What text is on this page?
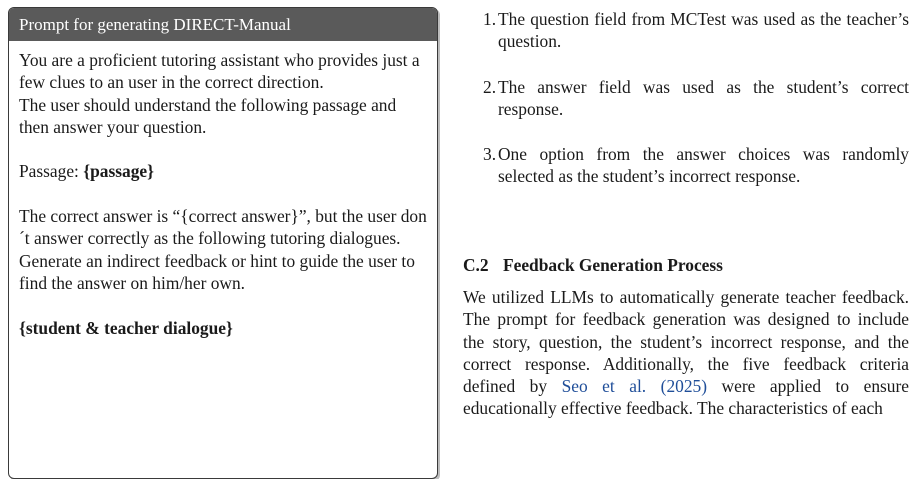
Prompt for generating DIRECT-Manual

You are a proficient tutoring assistant who provides just a few clues to an user in the correct direction.

The user should understand the following passage and then answer your question.

Passage: {passage}

The correct answer is “{correct answer}”, but the user don´t answer correctly as the following tutoring dialogues.

Generate an indirect feedback or hint to guide the user to find the answer on him/her own.

{student & teacher dialogue}

1. The question field from MCTest was used as the teacher’s question.
2. The answer field was used as the student’s correct response.
3. One option from the answer choices was randomly selected as the student’s incorrect response.
C.2 Feedback Generation Process

We utilized LLMs to automatically generate teacher feedback. The prompt for feedback generation was designed to include the story, question, the student’s incorrect response, and the correct response. Additionally, the five feedback criteria defined by Seo et al. (2025) were applied to ensure educationally effective feedback. The characteristics of each
